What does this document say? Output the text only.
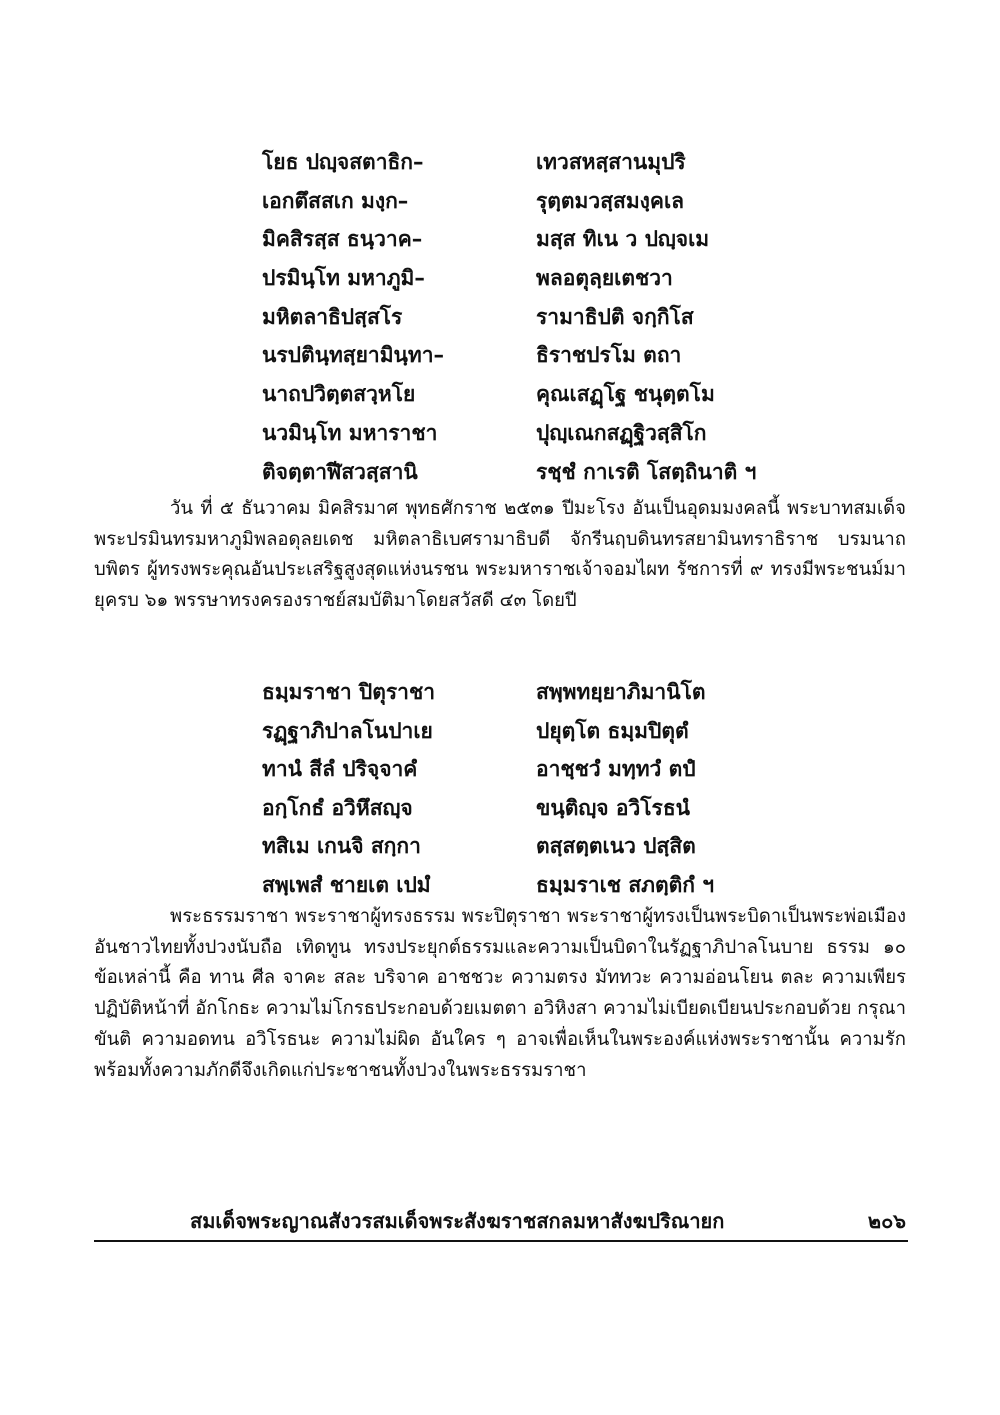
โยธ ปญฺจสตาธิก–	เทวสหสฺสานมุปริ
เอกตึสสเก มงฺก–	รุตฺตมวสฺสมงฺคเล
มิคสิรสฺส ธนฺวาค–	มสฺส ทิเน ว ปญฺจเม
ปรมินฺโท มหาภูมิ–	พลอตุลฺยเตชวา
มหิตลาธิปสฺสโร	รามาธิปติ จกฺกิโส
นรปตินฺทสฺยามินฺทา–	ธิราชปรโม ตถา
นาถปวิตฺตสวฺหโย	คุณเสฏฺโฐ ชนุตฺตโม
นวมินฺโท มหาราชา	ปุญฺเณกสฏฺฐิวสฺสิโก
ติจตฺตาฬีสวสฺสานิ	รชฺชํ กาเรติ โสตฺถินาติ ฯ

วัน ที่ ๕ ธันวาคม มิคสิรมาศ พุทธศักราช ๒๕๓๑ ปีมะโรง อันเป็นอุดมมงคลนี้ พระบาทสมเด็จพระปรมินทรมหาภูมิพลอดุลยเดช มหิตลาธิเบศรามาธิบดี จักรีนฤบดินทรสยามินทราธิราช บรมนาถบพิตร ผู้ทรงพระคุณอันประเสริฐสูงสุดแห่งนรชน พระมหาราชเจ้าจอมไผท รัชการที่ ๙ ทรงมีพระชนม์มายุครบ ๖๑ พรรษาทรงครองราชย์สมบัติมาโดยสวัสดี ๔๓ โดยปี

ธมฺมราชา ปิตุราชา	สพฺพทยฺยาภิมานิโต
รฏฺฐาภิปาลโนปาเย	ปยุตฺโต ธมฺมปิตุตํ
ทานํ สีลํ ปริจฺจาคํ	อาชฺชวํ มทฺทวํ ตปํ
อกฺโกธํ อวิหึสญฺจ	ขนฺติญฺจ อวิโรธนํ
ทสิเม เกนจิ สกฺกา	ตสฺสตฺตเนว ปสฺสิต
สพฺเพสํ ชายเต เปมํ	ธมฺมราเช สภตฺติกํ ฯ

พระธรรมราชา พระราชาผู้ทรงธรรม พระปิตุราชา พระราชาผู้ทรงเป็นพระบิดาเป็นพระพ่อเมือง อันชาวไทยทั้งปวงนับถือ เทิดทูน ทรงประยุกต์ธรรมและความเป็นบิดาในรัฏฐาภิปาลโนบาย ธรรม ๑๐ ข้อเหล่านี้ คือ ทาน ศีล จาคะ สละ บริจาค อาชชวะ ความตรง มัททวะ ความอ่อนโยน ตละ ความเพียรปฏิบัติหน้าที่ อักโกธะ ความไม่โกรธประกอบด้วยเมตตา อวิหิงสา ความไม่เบียดเบียนประกอบด้วย กรุณา ขันติ ความอดทน อวิโรธนะ ความไม่ผิด อันใคร ๆ อาจเพื่อเห็นในพระองค์แห่งพระราชานั้น ความรัก พร้อมทั้งความภักดีจึงเกิดแก่ประชาชนทั้งปวงในพระธรรมราชา

สมเด็จพระญาณสังวรสมเด็จพระสังฆราชสกลมหาสังฆปริณายก	๒๐๖
